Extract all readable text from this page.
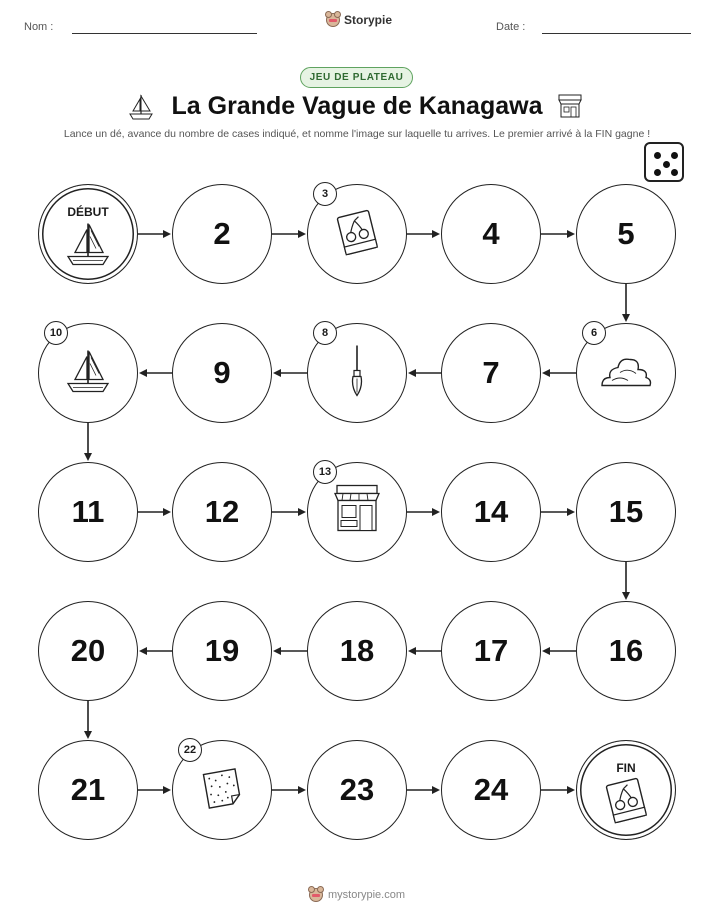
Nom :	Storypie	Date :
JEU DE PLATEAU
La Grande Vague de Kanagawa
Lance un dé, avance du nombre de cases indiqué, et nomme l'image sur laquelle tu arrives. Le premier arrivé à la FIN gagne !
DÉBUT
2
3
4	5
6
7
8
9
10
11	12
13
14	15
16
17
18
19
20
21
22
23	24
FIN
mystorypie.com
